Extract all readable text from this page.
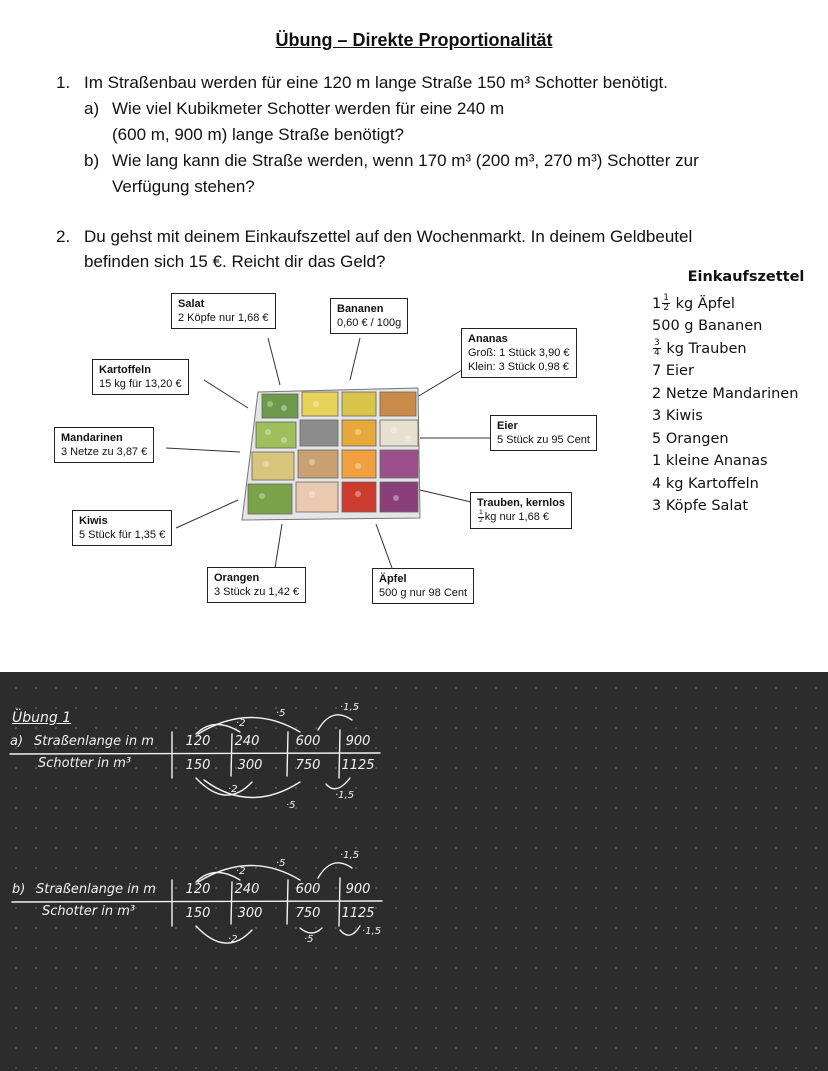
Übung – Direkte Proportionalität
1. Im Straßenbau werden für eine 120 m lange Straße 150 m³ Schotter benötigt.
a) Wie viel Kubikmeter Schotter werden für eine 240 m
(600 m, 900 m) lange Straße benötigt?
b) Wie lang kann die Straße werden, wenn 170 m³ (200 m³, 270 m³) Schotter zur
Verfügung stehen?
2. Du gehst mit deinem Einkaufszettel auf den Wochenmarkt. In deinem Geldbeutel
befinden sich 15 €. Reicht dir das Geld?
Salat
2 Köpfe nur 1,68 €
Bananen
0,60 € / 100g
Ananas
Groß: 1 Stück 3,90 €
Klein: 3 Stück 0,98 €
Kartoffeln
15 kg für 13,20 €
Eier
5 Stück zu 95 Cent
Mandarinen
3 Netze zu 3,87 €
Trauben, kernlos
$\frac{1}{2}$ kg nur 1,68 €
Kiwis
5 Stück für 1,35 €
Orangen
3 Stück zu 1,42 €
Äpfel
500 g nur 98 Cent
Einkaufszettel
$1 \frac{1}{2}$ kg Äpfel
500 g Bananen
$\frac{3}{4}$ kg Trauben
7 Eier
2 Netze Mandarinen
3 Kiwis
5 Orangen
1 kleine Ananas
4 kg Kartoffeln
3 Köpfe Salat
Übung 1
a) Straßenlange in m
Schotter in m³
120	240	600	900
150	300	750	1125
·2
·5
·1,5
·2
·5
·1,5
b) Straßenlange in m
Schotter in m³
120	240	600	900
150	300	750	1125
·2
·5
·1,5
·2	·5
·1,5
